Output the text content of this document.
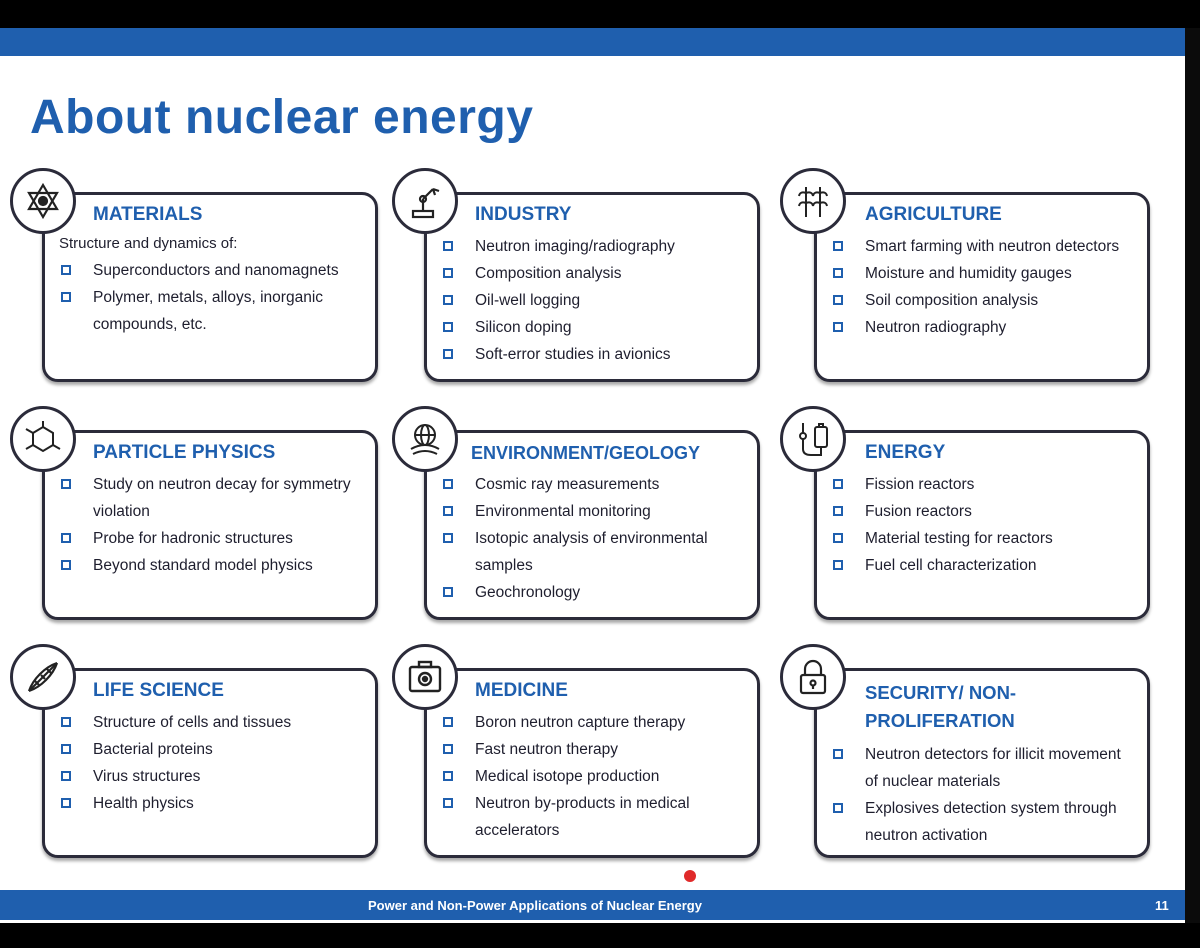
About nuclear energy
MATERIALS
Structure and dynamics of:
Superconductors and nanomagnets
Polymer, metals, alloys, inorganic compounds, etc.
INDUSTRY
Neutron imaging/radiography
Composition analysis
Oil-well logging
Silicon doping
Soft-error studies in avionics
AGRICULTURE
Smart farming with neutron detectors
Moisture and humidity gauges
Soil composition analysis
Neutron radiography
PARTICLE PHYSICS
Study on neutron decay for symmetry violation
Probe for hadronic structures
Beyond standard model physics
ENVIRONMENT/GEOLOGY
Cosmic ray measurements
Environmental monitoring
Isotopic analysis of environmental samples
Geochronology
ENERGY
Fission reactors
Fusion reactors
Material testing for reactors
Fuel cell characterization
LIFE SCIENCE
Structure of cells and tissues
Bacterial proteins
Virus structures
Health physics
MEDICINE
Boron neutron capture therapy
Fast neutron therapy
Medical isotope production
Neutron by-products in medical accelerators
SECURITY/ NON-PROLIFERATION
Neutron detectors for illicit movement of nuclear materials
Explosives detection system through neutron activation
Power and Non-Power Applications of Nuclear Energy	11
